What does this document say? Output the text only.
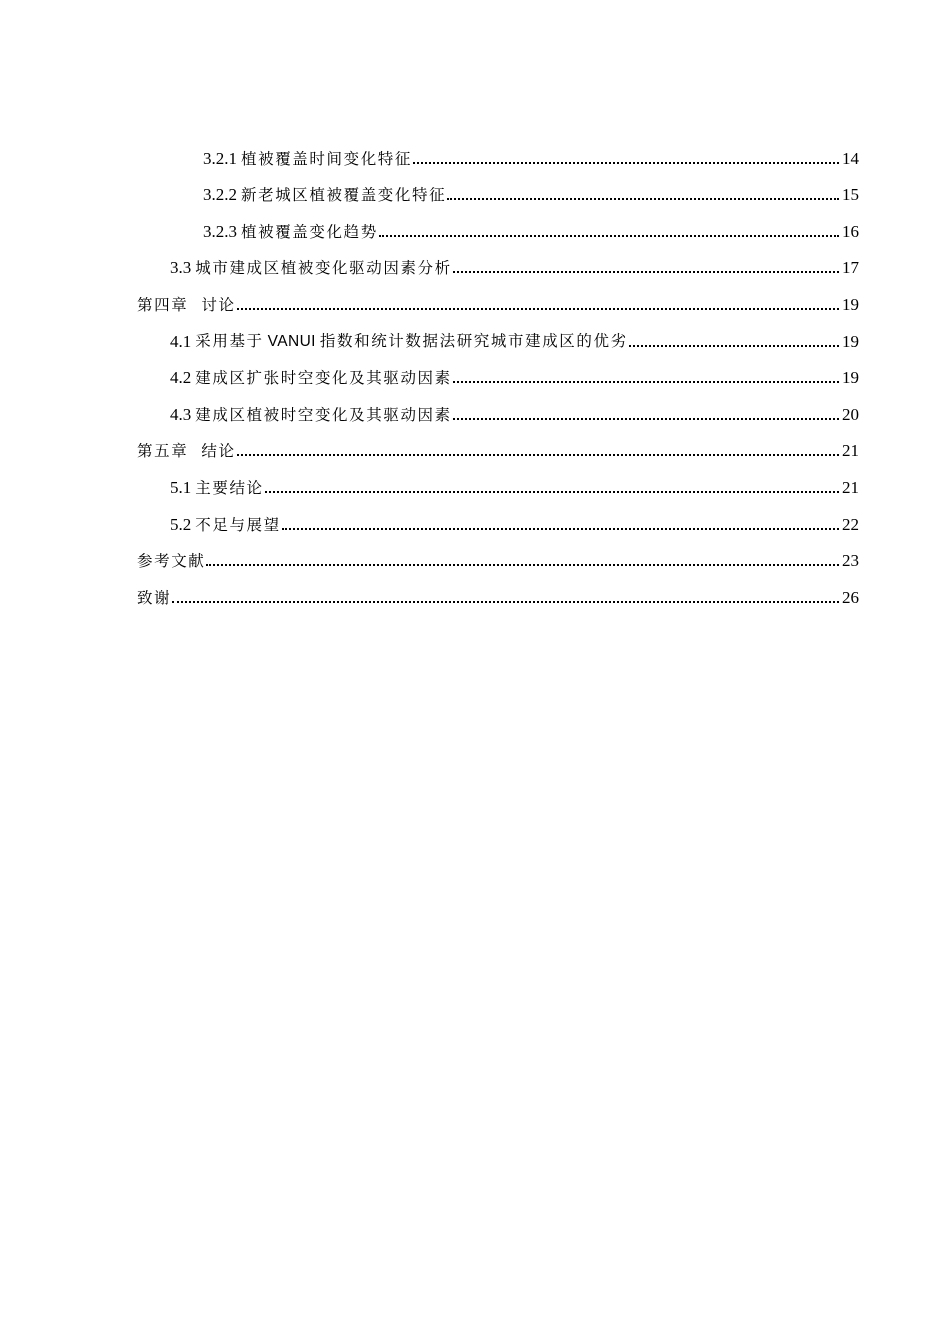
3.2.1 植被覆盖时间变化特征	14
3.2.2 新老城区植被覆盖变化特征	15
3.2.3 植被覆盖变化趋势	16
3.3 城市建成区植被变化驱动因素分析	17
第四章  讨论	19
4.1 采用基于 VANUI 指数和统计数据法研究城市建成区的优劣	19
4.2 建成区扩张时空变化及其驱动因素	19
4.3 建成区植被时空变化及其驱动因素	20
第五章  结论	21
5.1 主要结论	21
5.2 不足与展望	22
参考文献	23
致谢	26
